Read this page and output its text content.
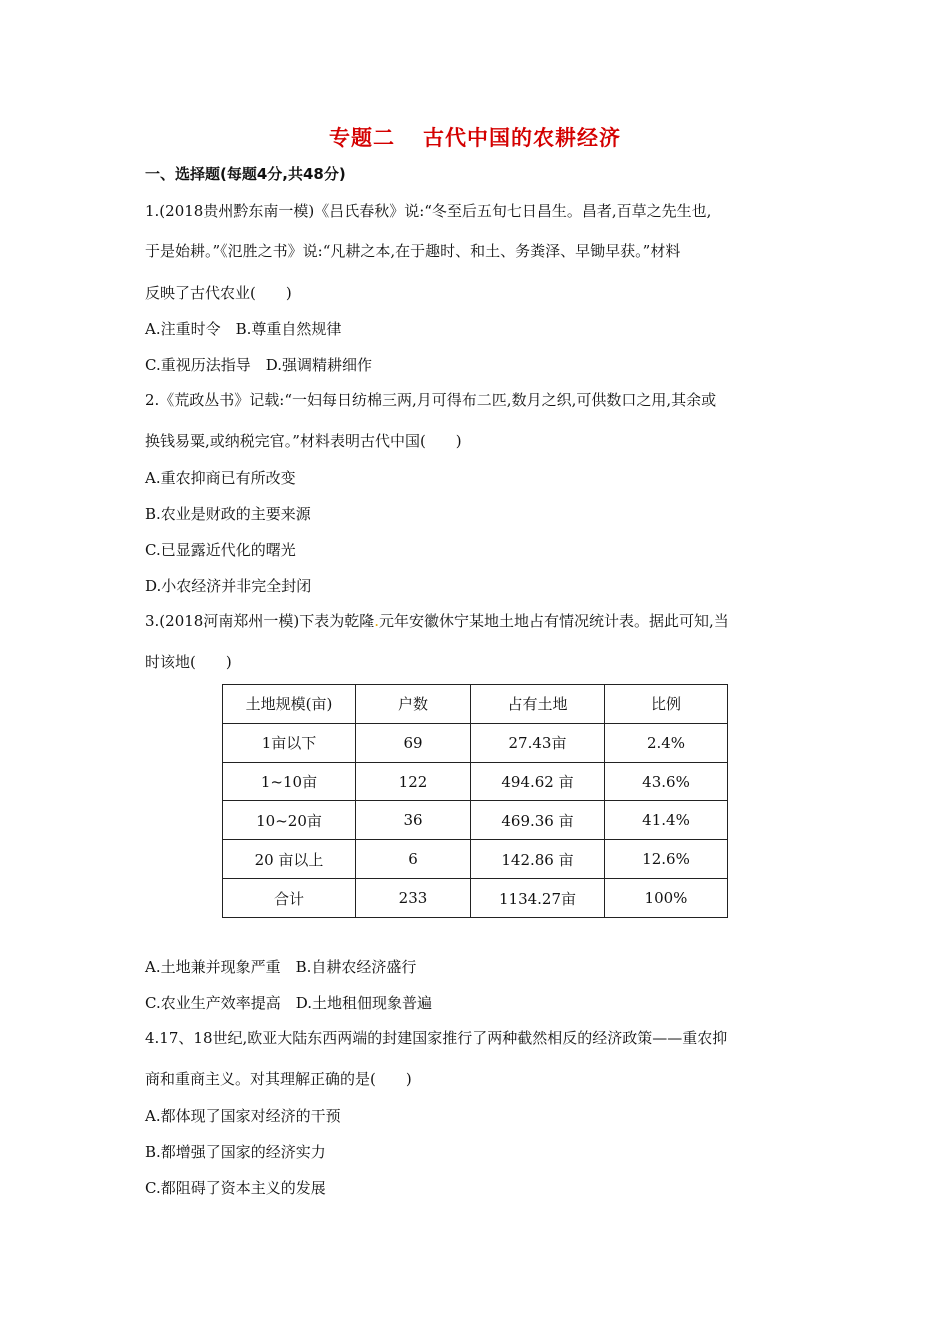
专题二 古代中国的农耕经济
一、选择题(每题4分,共48分)
1.(2018贵州黔东南一模)《吕氏春秋》说:“冬至后五旬七日昌生。昌者,百草之先生也,
于是始耕。”《氾胜之书》说:“凡耕之本,在于趣时、和土、务粪泽、早锄早获。”材料
反映了古代农业(　　)
A.注重时令　B.尊重自然规律
C.重视历法指导　D.强调精耕细作
2.《荒政丛书》记载:“一妇每日纺棉三两,月可得布二匹,数月之织,可供数口之用,其余或
换钱易粟,或纳税完官。”材料表明古代中国(　　)
A.重农抑商已有所改变
B.农业是财政的主要来源
C.已显露近代化的曙光
D.小农经济并非完全封闭
3.(2018河南郑州一模)下表为乾隆.元年安徽休宁某地土地占有情况统计表。据此可知,当
时该地(　　)
土地规模(亩)	户数	占有土地	比例
1亩以下	69	27.43亩	2.4%
1~10亩	122	494.62 亩	43.6%
10~20亩	36	469.36 亩	41.4%
20 亩以上	6	142.86 亩	12.6%
合计	233	1134.27亩	100%
A.土地兼并现象严重　B.自耕农经济盛行
C.农业生产效率提高　D.土地租佃现象普遍
4.17、18世纪,欧亚大陆东西两端的封建国家推行了两种截然相反的经济政策——重农抑
商和重商主义。对其理解正确的是(　　)
A.都体现了国家对经济的干预
B.都增强了国家的经济实力
C.都阻碍了资本主义的发展
